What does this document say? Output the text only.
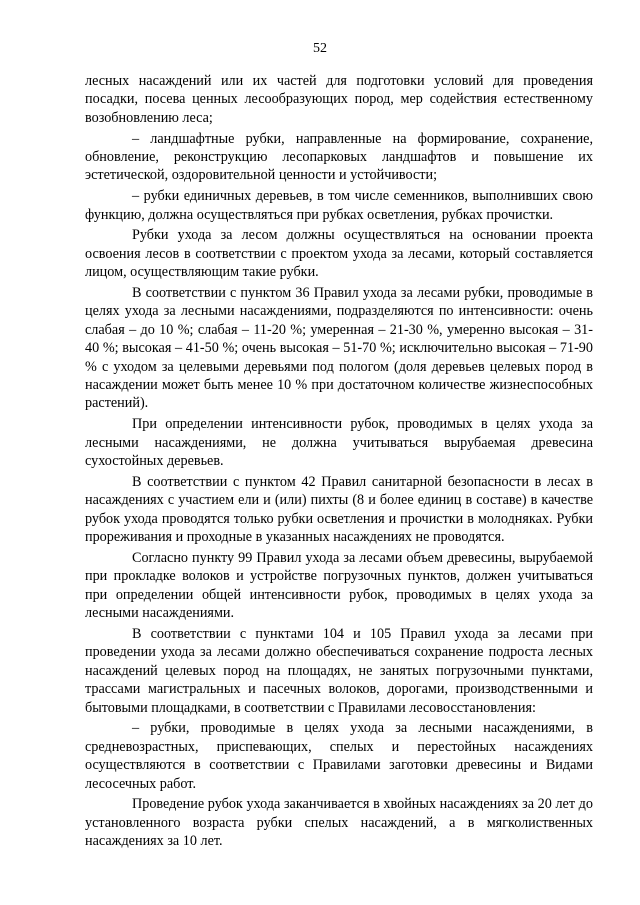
52

лесных насаждений или их частей для подготовки условий для проведения посадки, посева ценных лесообразующих пород, мер содействия естественному возобновлению леса;

– ландшафтные рубки, направленные на формирование, сохранение, обновление, реконструкцию лесопарковых ландшафтов и повышение их эстетической, оздоровительной ценности и устойчивости;

– рубки единичных деревьев, в том числе семенников, выполнивших свою функцию, должна осуществляться при рубках осветления, рубках прочистки.

Рубки ухода за лесом должны осуществляться на основании проекта освоения лесов в соответствии с проектом ухода за лесами, который составляется лицом, осуществляющим такие рубки.

В соответствии с пунктом 36 Правил ухода за лесами рубки, проводимые в целях ухода за лесными насаждениями, подразделяются по интенсивности: очень слабая – до 10 %; слабая – 11-20 %; умеренная – 21-30 %, умеренно высокая – 31-40 %; высокая – 41-50 %; очень высокая – 51-70 %; исключительно высокая – 71-90 % с уходом за целевыми деревьями под пологом (доля деревьев целевых пород в насаждении может быть менее 10 % при достаточном количестве жизнеспособных растений).

При определении интенсивности рубок, проводимых в целях ухода за лесными насаждениями, не должна учитываться вырубаемая древесина сухостойных деревьев.

В соответствии с пунктом 42 Правил санитарной безопасности в лесах в насаждениях с участием ели и (или) пихты (8 и более единиц в составе) в качестве рубок ухода проводятся только рубки осветления и прочистки в молодняках. Рубки прореживания и проходные в указанных насаждениях не проводятся.

Согласно пункту 99 Правил ухода за лесами объем древесины, вырубаемой при прокладке волоков и устройстве погрузочных пунктов, должен учитываться при определении общей интенсивности рубок, проводимых в целях ухода за лесными насаждениями.

В соответствии с пунктами 104 и 105 Правил ухода за лесами при проведении ухода за лесами должно обеспечиваться сохранение подроста лесных насаждений целевых пород на площадях, не занятых погрузочными пунктами, трассами магистральных и пасечных волоков, дорогами, производственными и бытовыми площадками, в соответствии с Правилами лесовосстановления:

– рубки, проводимые в целях ухода за лесными насаждениями, в средневозрастных, приспевающих, спелых и перестойных насаждениях осуществляются в соответствии с Правилами заготовки древесины и Видами лесосечных работ.

Проведение рубок ухода заканчивается в хвойных насаждениях за 20 лет до установленного возраста рубки спелых насаждений, а в мягколиственных насаждениях за 10 лет.
